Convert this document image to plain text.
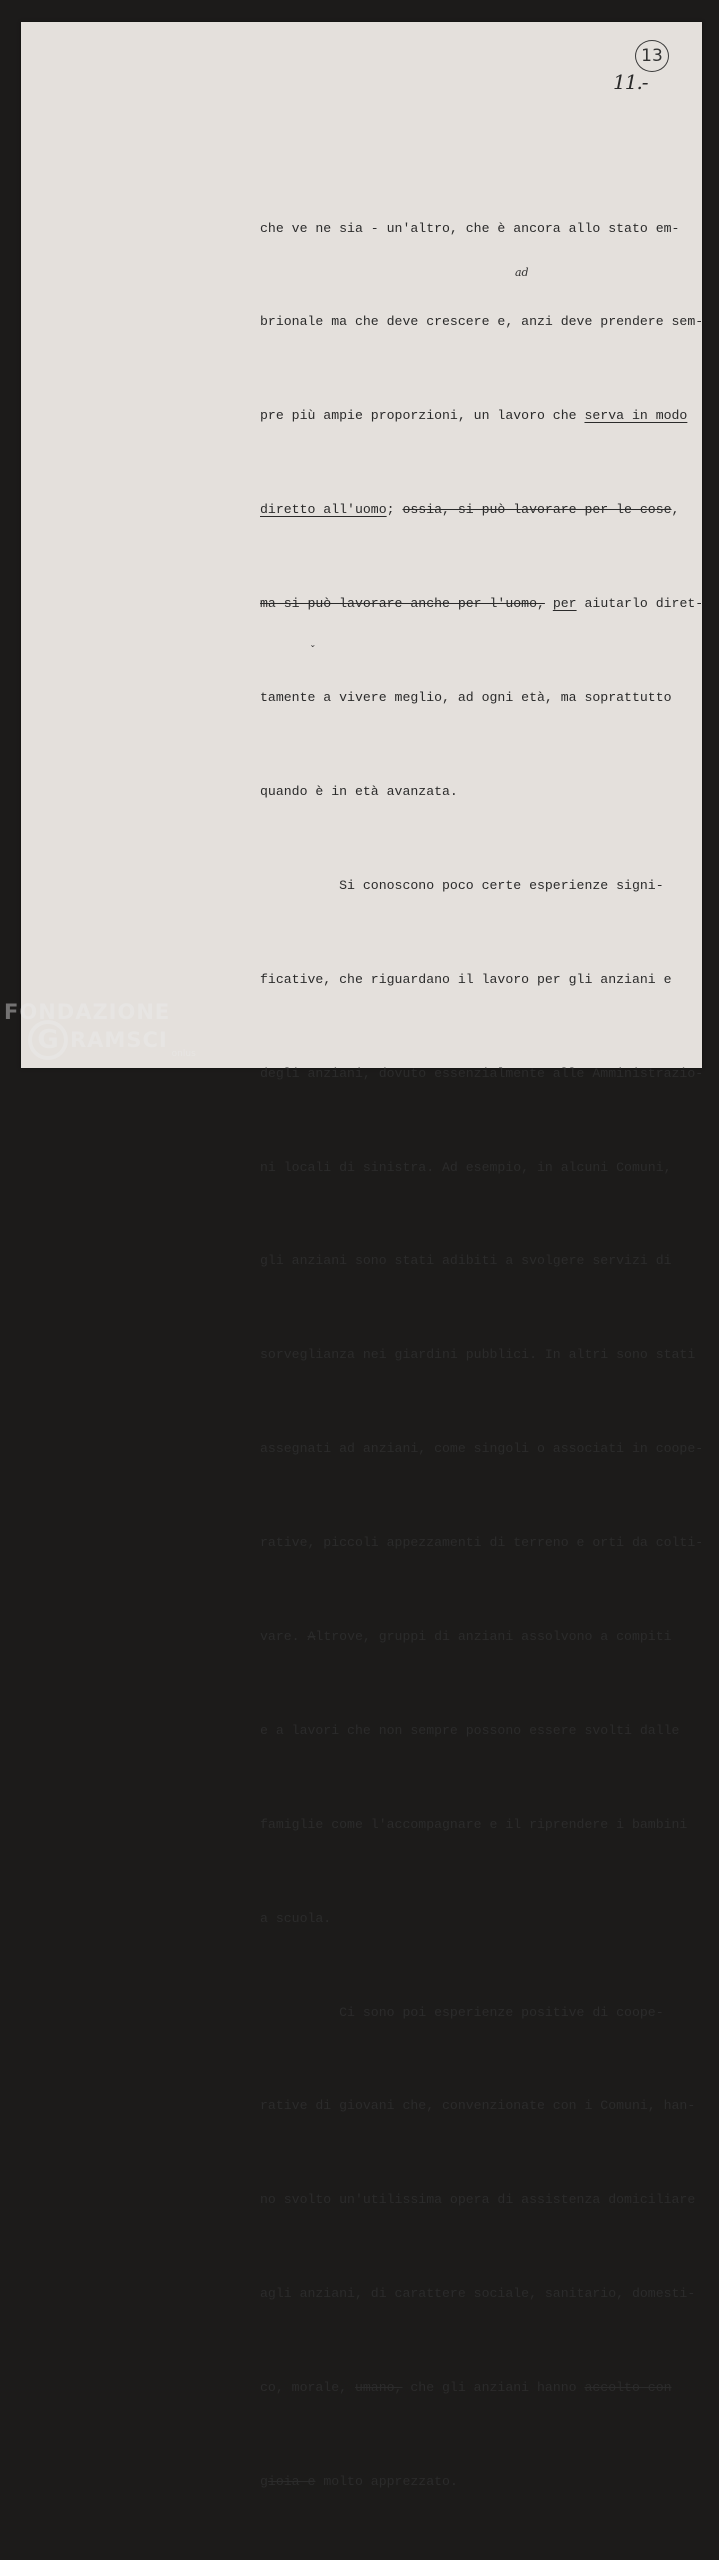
11.-
13

che ve ne sia - un'altro, che è ancora allo stato em-

brionale ma che deve crescere e, anzi deve prendere sem-

pre più ampie proporzioni, un lavoro che serva in modo

diretto all'uomo; ossia, si può lavorare per le cose,

ma si può lavorare anche per l'uomo, per aiutarlo diret-

tamente a vivere meglio, ad ogni età, ma soprattutto

quando è in età avanzata.

Si conoscono poco certe esperienze signi-

ficative, che riguardano il lavoro per gli anziani e

degli anziani, dovuto essenzialmente alle Amministrazio-

ni locali di sinistra. Ad esempio, in alcuni Comuni,

gli anziani sono stati adibiti a svolgere servizi di

sorveglianza nei giardini pubblici. In altri sono stati

assegnati ad anziani, come singoli o associati in coope-

rative, piccoli appezzamenti di terreno e orti da colti-

vare. Altrove, gruppi di anziani assolvono a compiti

e a lavori che non sempre possono essere svolti dalle

famiglie come l'accompagnare e il riprendere i bambini

a scuola.

Ci sono poi esperienze positive di coope-

rative di giovani che, convenzionate con i Comuni, han-

no svolto un'utilissima opera di assistenza domiciliare

agli anziani, di carattere sociale, sanitario, domesti-

co, morale, umano, che gli anziani hanno accolto con

gioia e molto apprezzato.

ad
ˇ
FONDAZIONE
G RAMSCI
onlus
